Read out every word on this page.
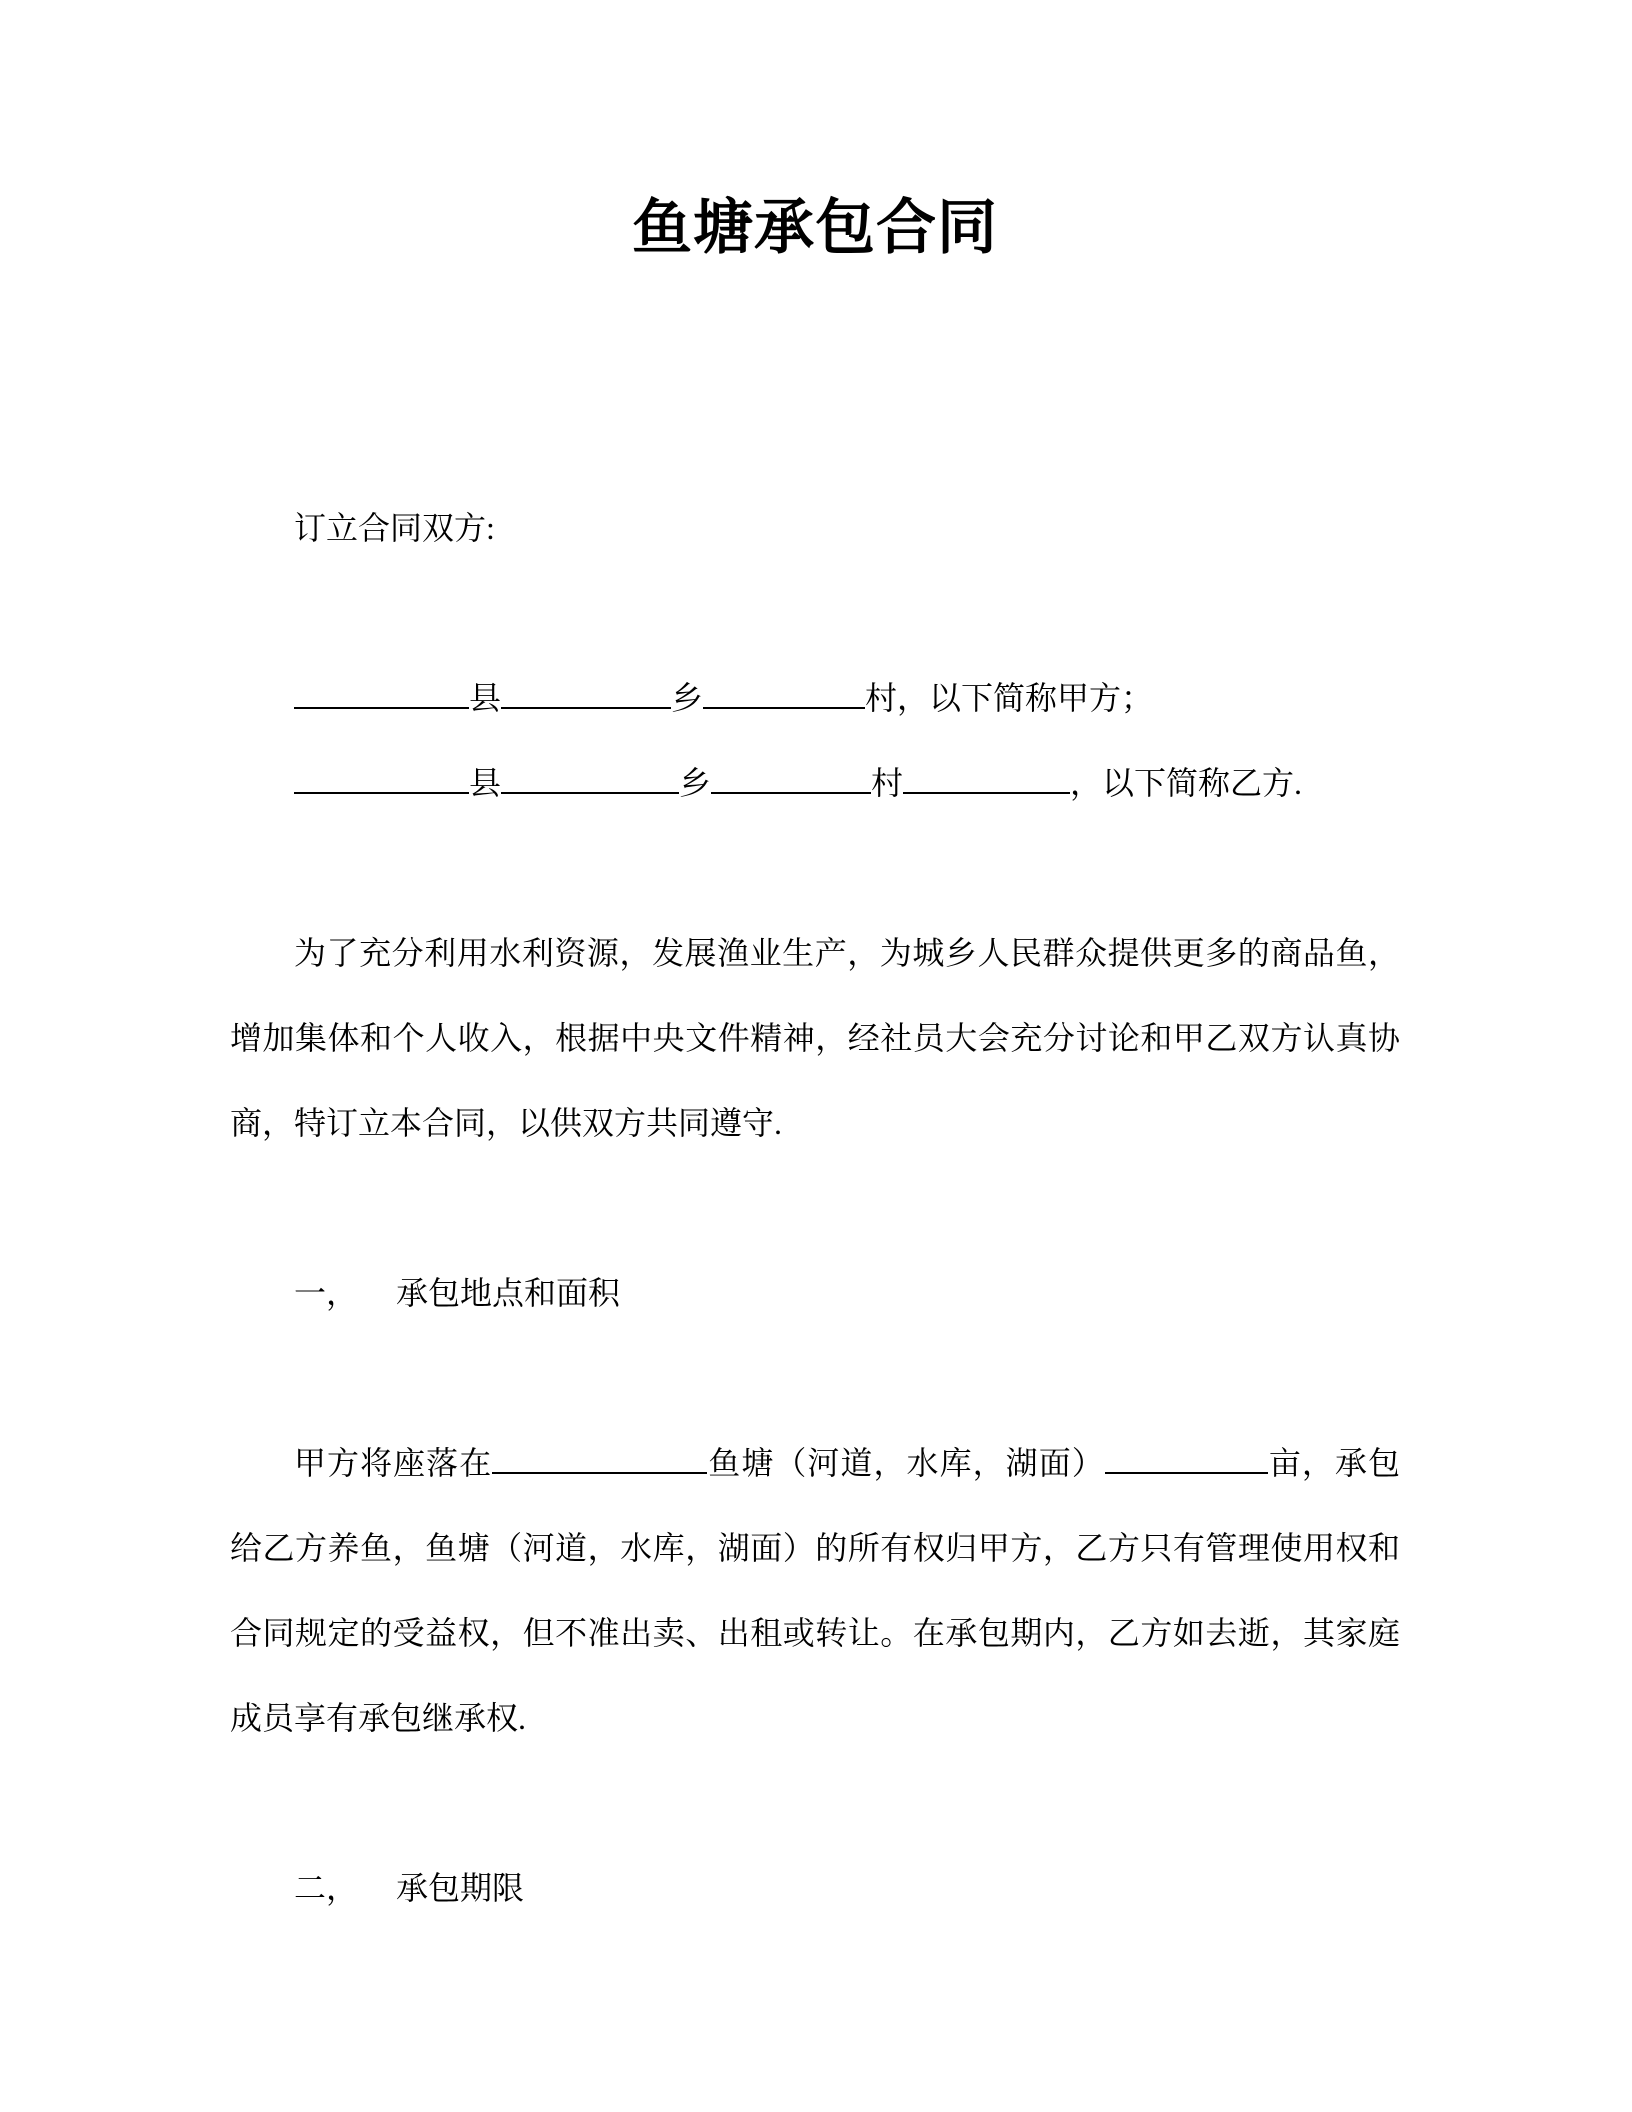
鱼塘承包合同

订立合同双方:

县	乡	村，以下简称甲方；

县	乡	村	，以下简称乙方.

为了充分利用水利资源，发展渔业生产，为城乡人民群众提供更多的商品鱼，增加集体和个人收入，根据中央文件精神，经社员大会充分讨论和甲乙双方认真协商，特订立本合同，以供双方共同遵守.

一， 承包地点和面积

甲方将座落在	鱼塘（河道，水库，湖面）	亩，承包给乙方养鱼，鱼塘（河道，水库，湖面）的所有权归甲方，乙方只有管理使用权和合同规定的受益权，但不准出卖、出租或转让。在承包期内，乙方如去逝，其家庭成员享有承包继承权.

二， 承包期限
